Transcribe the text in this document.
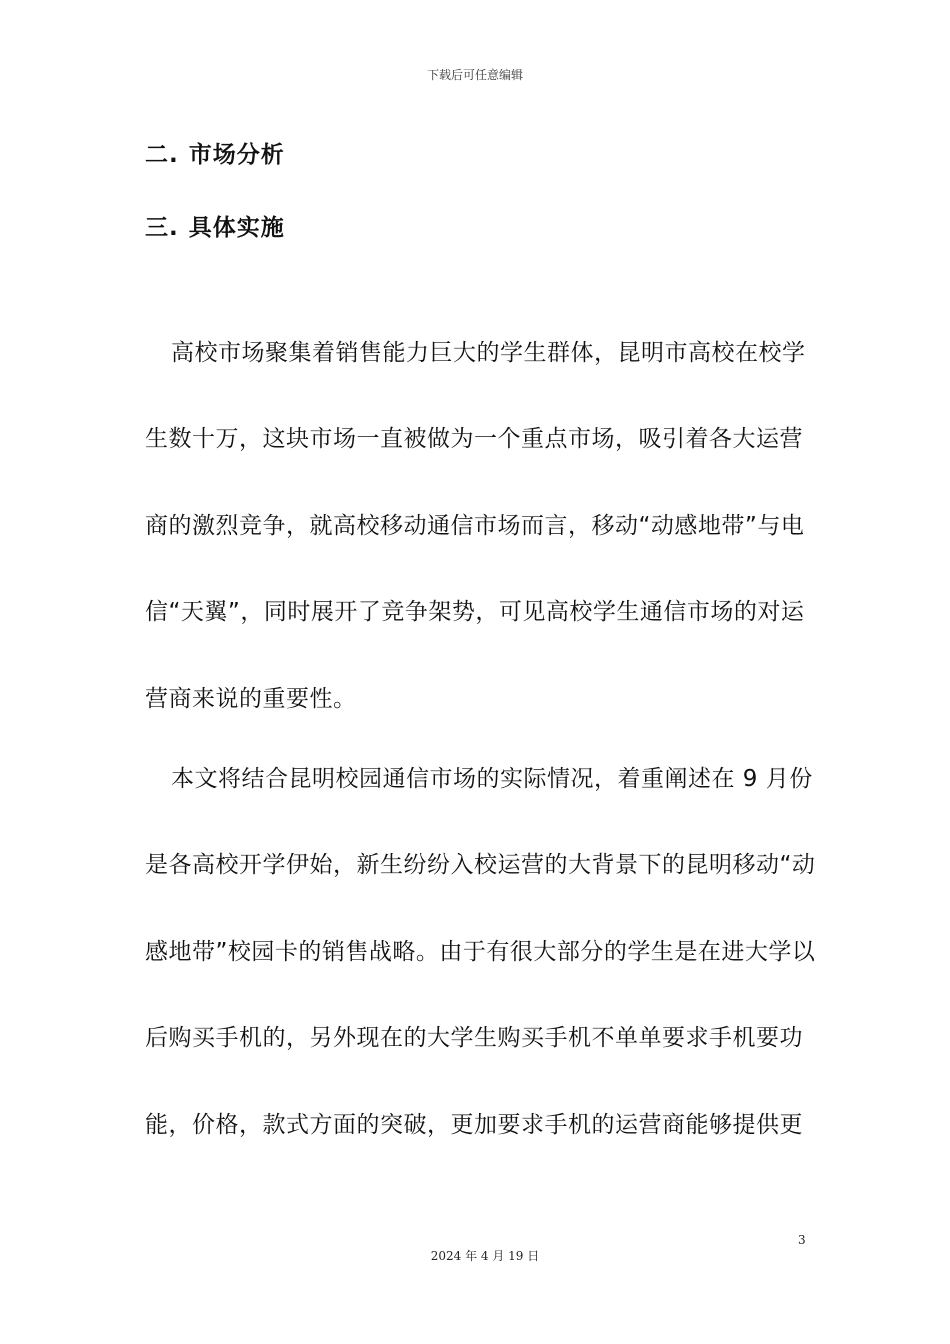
下载后可任意编辑
二. 市场分析
三. 具体实施
高校市场聚集着销售能力巨大的学生群体，昆明市高校在校学
生数十万，这块市场一直被做为一个重点市场，吸引着各大运营
商的激烈竞争，就高校移动通信市场而言，移动“动感地带”与电
信“天翼”，同时展开了竞争架势，可见高校学生通信市场的对运
营商来说的重要性。
本文将结合昆明校园通信市场的实际情况，着重阐述在 9 月份
是各高校开学伊始，新生纷纷入校运营的大背景下的昆明移动“动
感地带”校园卡的销售战略。由于有很大部分的学生是在进大学以
后购买手机的，另外现在的大学生购买手机不单单要求手机要功
能，价格，款式方面的突破，更加要求手机的运营商能够提供更
3
2024 年 4 月 19 日
